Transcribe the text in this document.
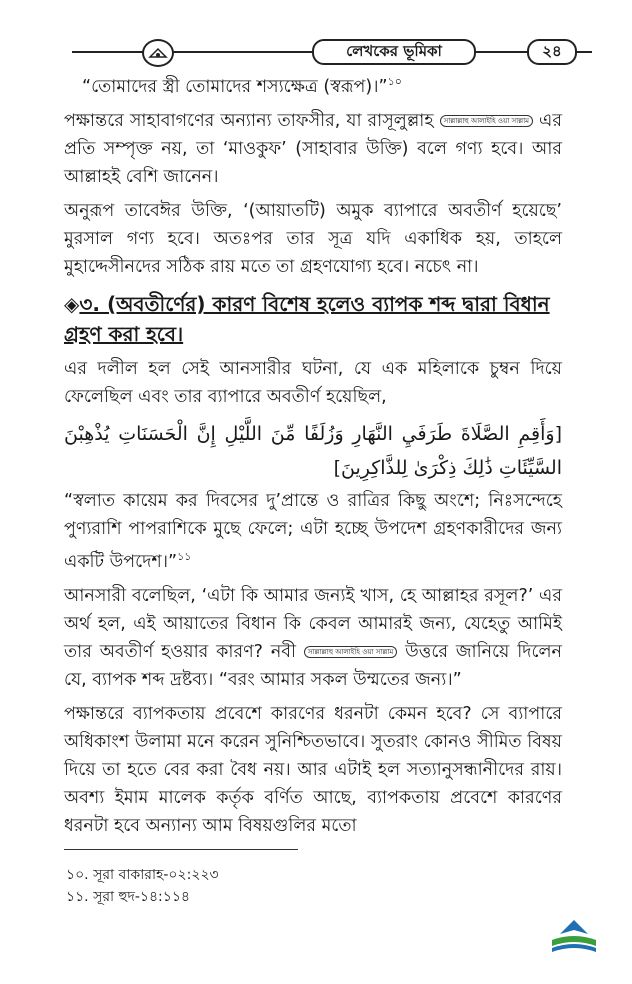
লেখকের ভূমিকা	২৪

“তোমাদের স্ত্রী তোমাদের শস্যক্ষেত্র (স্বরূপ)।”$^{১০}$

পক্ষান্তরে সাহাবাগণের অন্যান্য তাফসীর, যা রাসূলুল্লাহ সাল্লাল্লাহু আলাইহি ওয়া সাল্লাম এর প্রতি সম্পৃক্ত নয়, তা ‘মাওকুফ’ (সাহাবার উক্তি) বলে গণ্য হবে। আর আল্লাহই বেশি জানেন।

অনুরূপ তাবেঈর উক্তি, ‘(আয়াতটি) অমুক ব্যাপারে অবতীর্ণ হয়েছে’ মুরসাল গণ্য হবে। অতঃপর তার সূত্র যদি একাধিক হয়, তাহলে মুহাদ্দেসীনদের সঠিক রায় মতে তা গ্রহণযোগ্য হবে। নচেৎ না।

◈৩. (অবতীর্ণের) কারণ বিশেষ হলেও ব্যাপক শব্দ দ্বারা বিধান গ্রহণ করা হবে।

এর দলীল হল সেই আনসারীর ঘটনা, যে এক মহিলাকে চুম্বন দিয়ে ফেলেছিল এবং তার ব্যাপারে অবতীর্ণ হয়েছিল,

[وَأَقِمِ الصَّلَاةَ طَرَفَيِ النَّهَارِ وَزُلَفًا مِّنَ اللَّيْلِ إِنَّ الْحَسَنَاتِ يُذْهِبْنَ السَّيِّئَاتِ ذَٰلِكَ ذِكْرَىٰ لِلذَّاكِرِينَ]

“স্বলাত কায়েম কর দিবসের দু’প্রান্তে ও রাত্রির কিছু অংশে; নিঃসন্দেহে পুণ্যরাশি পাপরাশিকে মুছে ফেলে; এটা হচ্ছে উপদেশ গ্রহণকারীদের জন্য একটি উপদেশ।”$^{১১}$

আনসারী বলেছিল, ‘এটা কি আমার জন্যই খাস, হে আল্লাহর রসূল?’ এর অর্থ হল, এই আয়াতের বিধান কি কেবল আমারই জন্য, যেহেতু আমিই তার অবতীর্ণ হওয়ার কারণ? নবী সাল্লাল্লাহু আলাইহি ওয়া সাল্লাম উত্তরে জানিয়ে দিলেন যে, ব্যাপক শব্দ দ্রষ্টব্য। “বরং আমার সকল উম্মতের জন্য।”

পক্ষান্তরে ব্যাপকতায় প্রবেশে কারণের ধরনটা কেমন হবে? সে ব্যাপারে অধিকাংশ উলামা মনে করেন সুনিশ্চিতভাবে। সুতরাং কোনও সীমিত বিষয় দিয়ে তা হতে বের করা বৈধ নয়। আর এটাই হল সত্যানুসন্ধানীদের রায়। অবশ্য ইমাম মালেক কর্তৃক বর্ণিত আছে, ব্যাপকতায় প্রবেশে কারণের ধরনটা হবে অন্যান্য আম বিষয়গুলির মতো

১০. সূরা বাকারাহ-০২:২২৩
১১. সূরা হুদ-১৪:১১৪
